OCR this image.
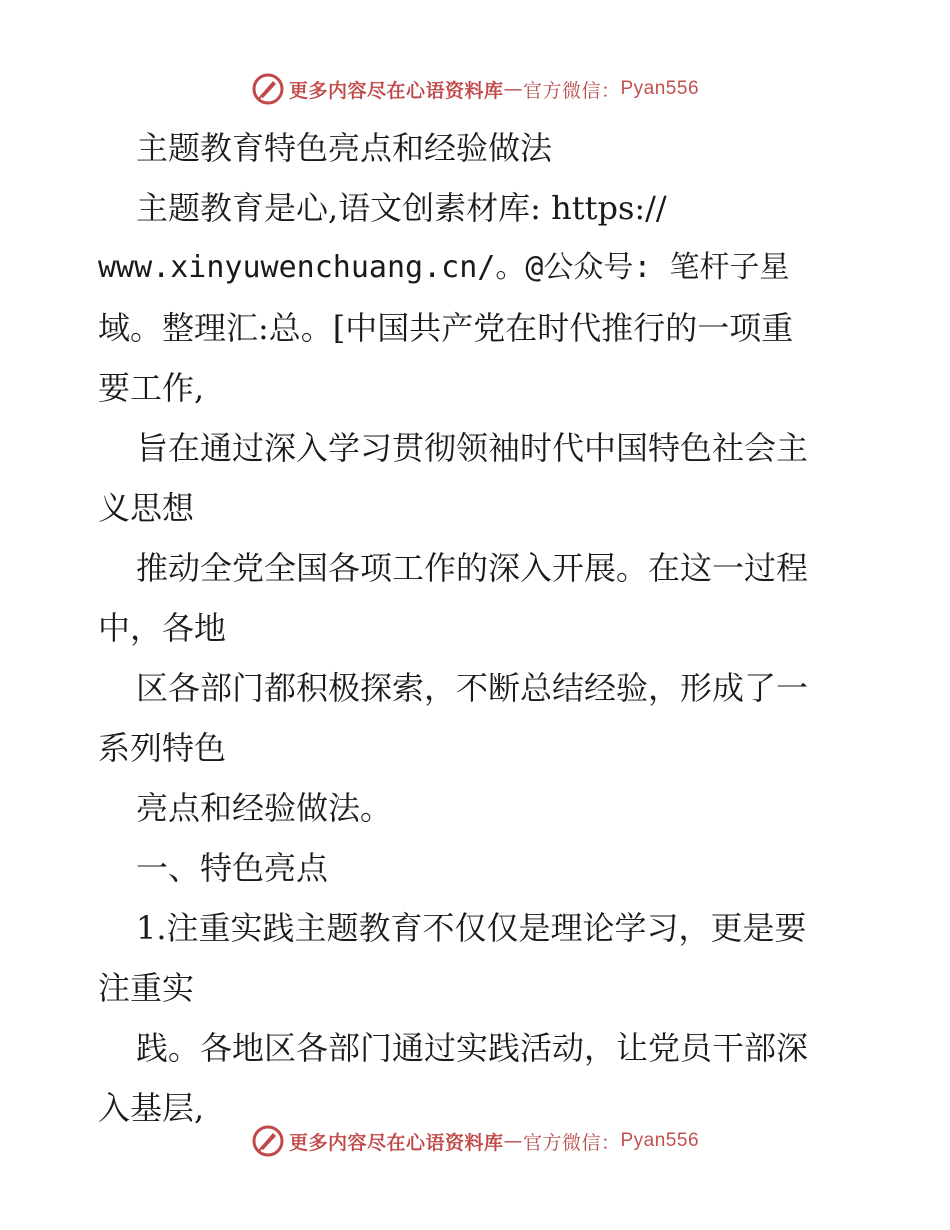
更多内容尽在心语资料库 — 官方微信： Pyan556
主题教育特色亮点和经验做法
主题教育是心,语文创素材库: https://
www.xinyuwenchuang.cn/。@公众号: 笔杆子星
域。整理汇:总。[中国共产党在时代推行的一项重
要工作,
旨在通过深入学习贯彻领袖时代中国特色社会主
义思想
推动全党全国各项工作的深入开展。在这一过程
中，各地
区各部门都积极探索，不断总结经验，形成了一
系列特色
亮点和经验做法。
一、特色亮点
1.注重实践主题教育不仅仅是理论学习，更是要
注重实
践。各地区各部门通过实践活动，让党员干部深
入基层,
更多内容尽在心语资料库 — 官方微信： Pyan556
